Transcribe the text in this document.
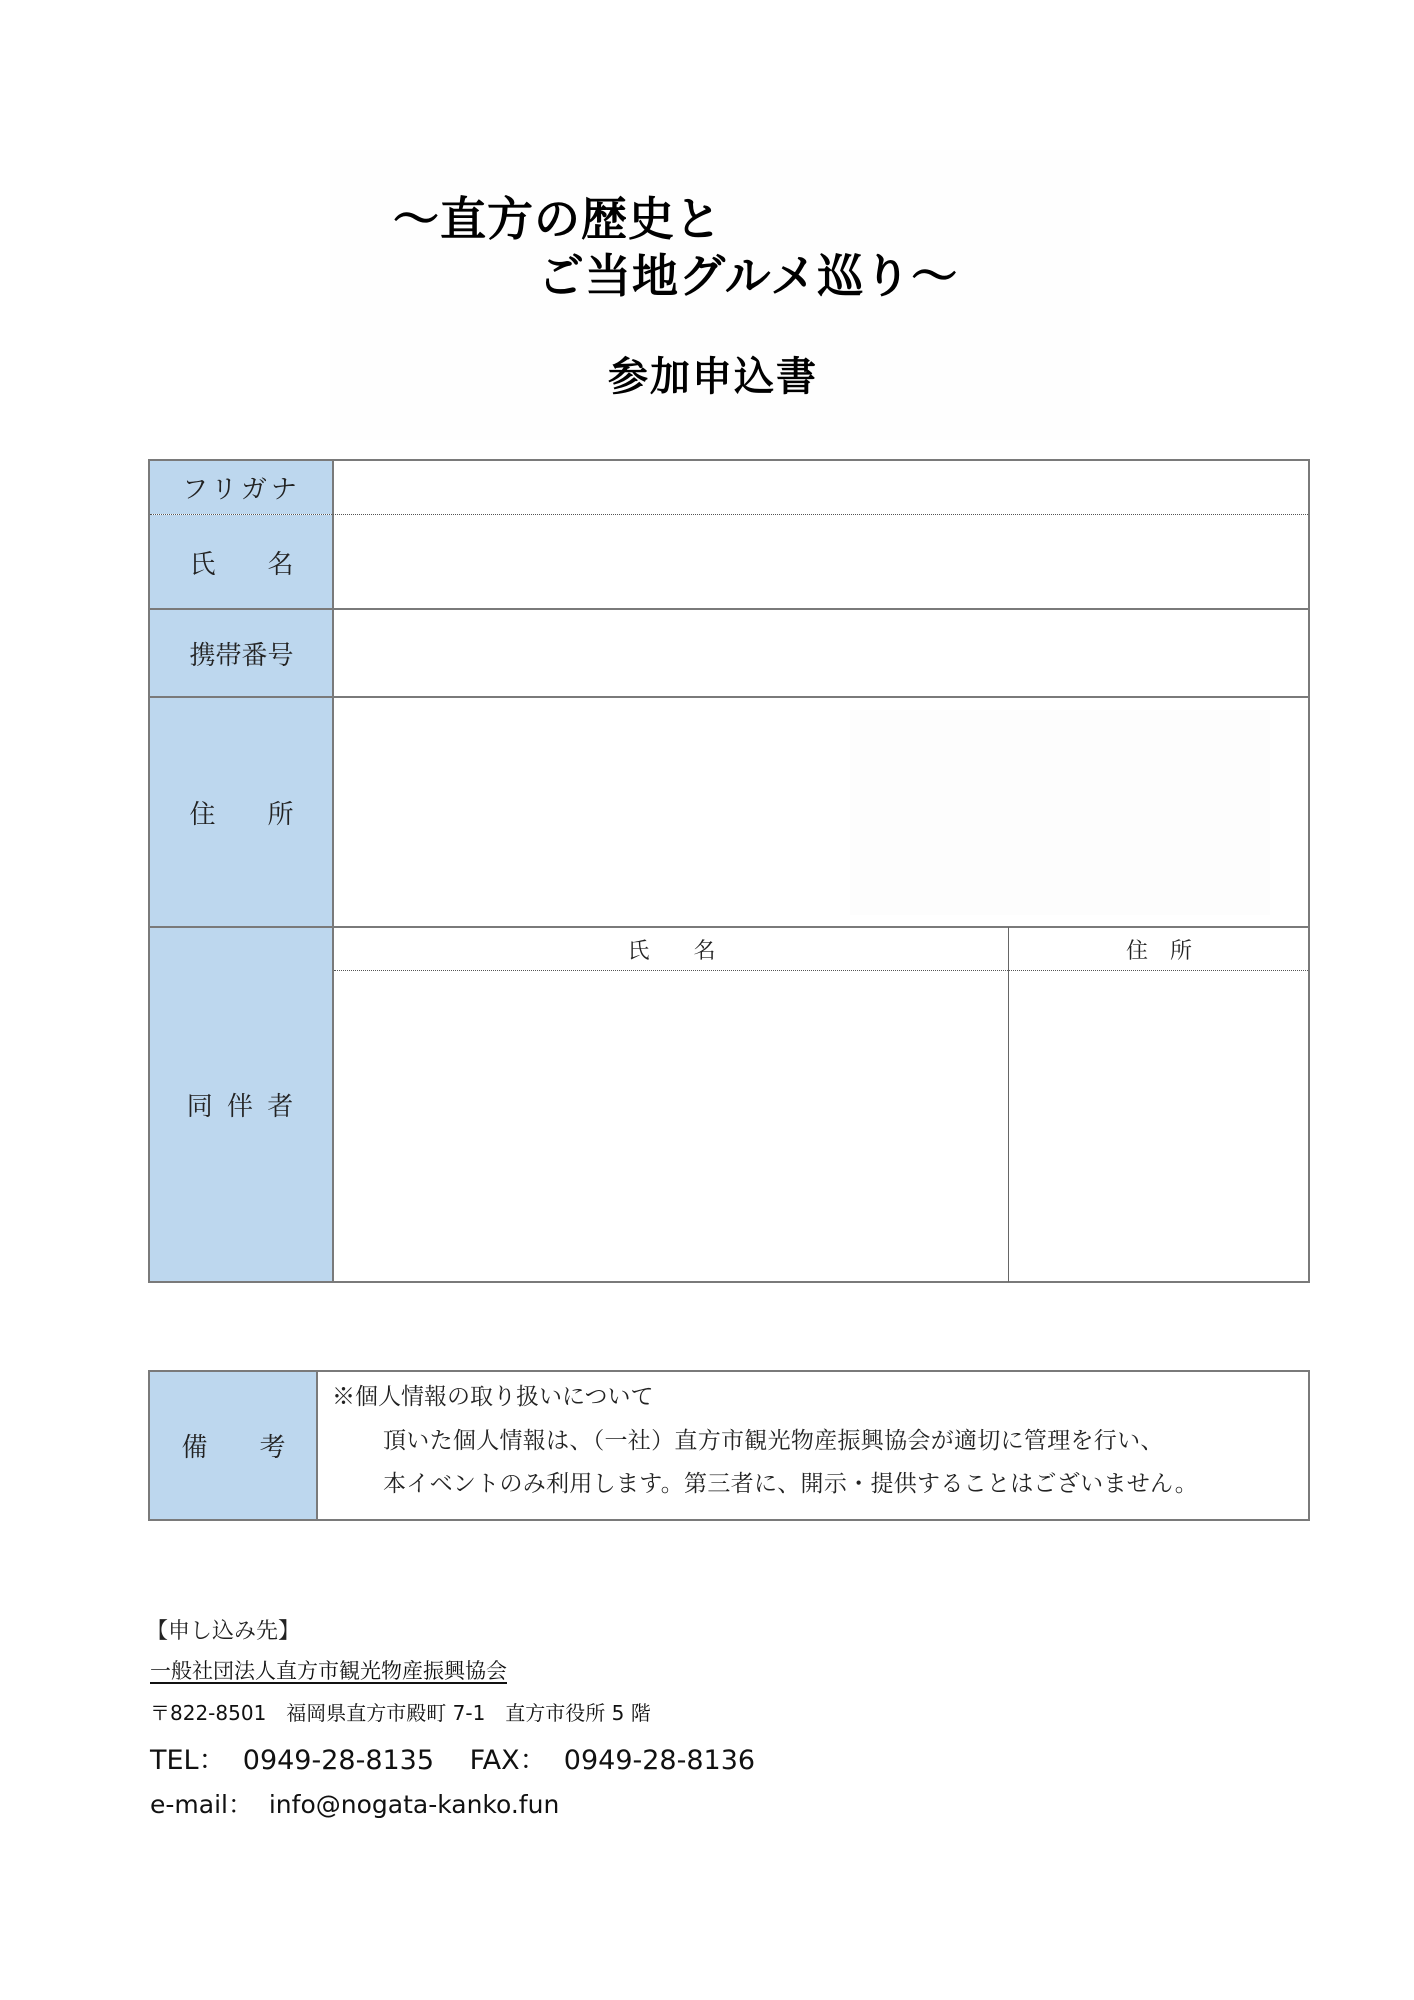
～直方の歴史と
ご当地グルメ巡り～
参加申込書
フリガナ
氏　　名
携帯番号
住　　所
同 伴 者
氏　　名	住　所
備　　考
※個人情報の取り扱いについて
頂いた個人情報は、（一社）直方市観光物産振興協会が適切に管理を行い、
本イベントのみ利用します。第三者に、開示・提供することはございません。
【申し込み先】
一般社団法人直方市観光物産振興協会
〒822-8501　福岡県直方市殿町 7-1　直方市役所 5 階
TEL：  0949-28-8135　 FAX：  0949-28-8136
e-mail：  info@nogata-kanko.fun
